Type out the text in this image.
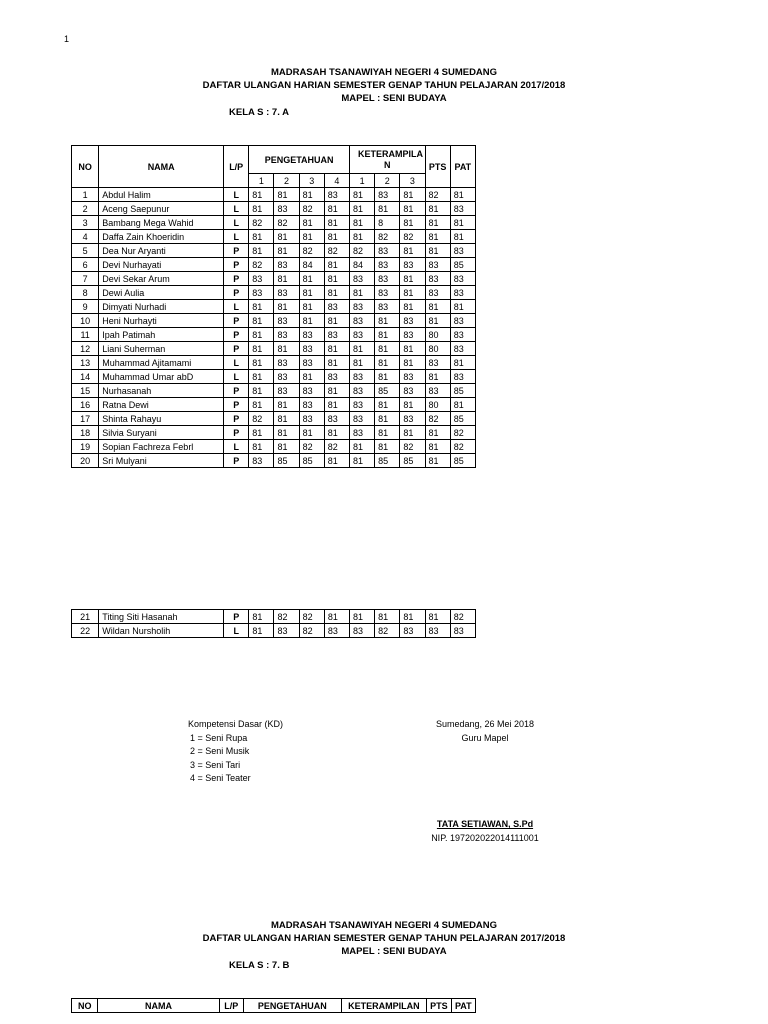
1
MADRASAH TSANAWIYAH NEGERI 4 SUMEDANG
DAFTAR ULANGAN HARIAN SEMESTER GENAP TAHUN PELAJARAN 2017/2018
MAPEL : SENI BUDAYA
KELA S : 7. A
NO	NAMA	L/P	PENGETAHUAN				KETERAMPILA N			PTS	PAT
			1	2	3	4	1	2	3		
1	Abdul Halim	L	81	81	81	83	81	83	81	82	81
2	Aceng Saepunur	L	81	83	82	81	81	81	81	81	83
3	Bambang Mega Wahid	L	82	82	81	81	81	8	81	81	81
4	Daffa Zain Khoeridin	L	81	81	81	81	81	82	82	81	81
5	Dea Nur Aryanti	P	81	81	82	82	82	83	81	81	83
6	Devi Nurhayati	P	82	83	84	81	84	83	83	83	85
7	Devi Sekar Arum	P	83	81	81	81	83	83	81	83	83
8	Dewi Aulia	P	83	83	81	81	81	83	81	83	83
9	Dimyati Nurhadi	L	81	81	81	83	83	83	81	81	81
10	Heni Nurhayti	P	81	83	81	81	83	81	83	81	83
11	Ipah Patimah	P	81	83	83	83	83	81	83	80	83
12	Liani Suherman	P	81	81	83	81	81	81	81	80	83
13	Muhammad Ajitamami	L	81	83	83	81	81	81	81	83	81
14	Muhammad Umar abD	L	81	83	81	83	83	81	83	81	83
15	Nurhasanah	P	81	83	83	81	83	85	83	83	85
16	Ratna Dewi	P	81	81	83	81	83	81	81	80	81
17	Shinta Rahayu	P	82	81	83	83	83	81	83	82	85
18	Silvia Suryani	P	81	81	81	81	83	81	81	81	82
19	Sopian Fachreza Febrl	L	81	81	82	82	81	81	82	81	82
20	Sri Mulyani	P	83	85	85	81	81	85	85	81	85
21	Titing Siti Hasanah	P	81	82	82	81	81	81	81	81	82
22	Wildan Nursholih	L	81	83	82	83	83	82	83	83	83
Kompetensi Dasar (KD)
1 = Seni Rupa
2 = Seni Musik
3 = Seni Tari
4 = Seni Teater
Sumedang, 26 Mei 2018
Guru Mapel
TATA SETIAWAN, S.Pd
NIP. 197202022014111001
MADRASAH TSANAWIYAH NEGERI 4 SUMEDANG
DAFTAR ULANGAN HARIAN SEMESTER GENAP TAHUN PELAJARAN 2017/2018
MAPEL : SENI BUDAYA
KELA S : 7. B
NO	NAMA	L/P	PENGETAHUAN	KETERAMPILAN	PTS	PAT
